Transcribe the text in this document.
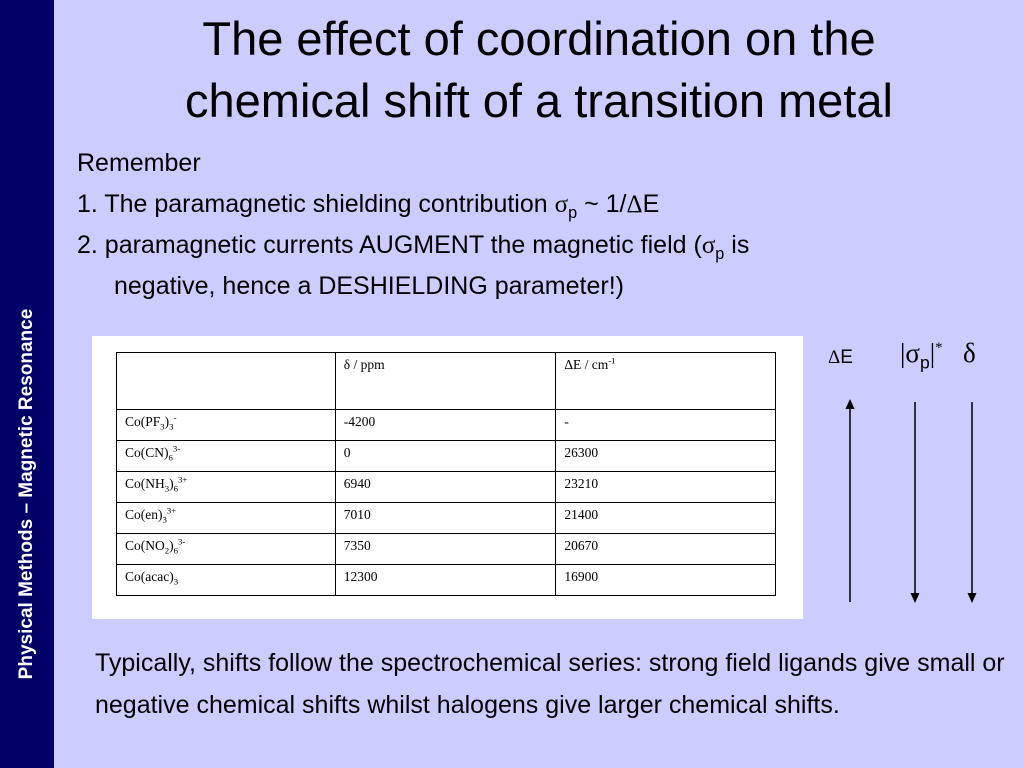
Physical Methods – Magnetic Resonance
The effect of coordination on the
chemical shift of a transition metal
Remember
1. The paramagnetic shielding contribution $\sigma_p$ ~ 1/ΔE
2. paramagnetic currents AUGMENT the magnetic field ($\sigma_p$ is
negative, hence a DESHIELDING parameter!)
	δ / ppm	ΔE / $cm^{-1}$
$Co(PF_3)_3^-$	-4200	-
$Co(CN)_6^{3-}$	0	26300
$Co(NH_3)_6^{3+}$	6940	23210
$Co(en)_3^{3+}$	7010	21400
$Co(NO_2)_6^{3-}$	7350	20670
$Co(acac)_3$	12300	16900
ΔE $|\sigma_p|^*$ δ
Typically, shifts follow the spectrochemical series: strong field ligands give small or negative chemical shifts whilst halogens give larger chemical shifts.
